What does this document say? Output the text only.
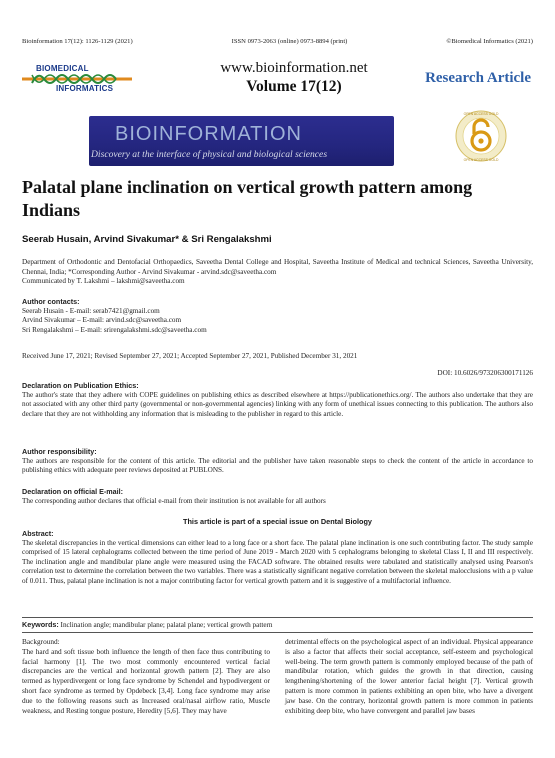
Bioinformation 17(12): 1126-1129 (2021)	ISSN 0973-2063 (online) 0973-8894 (print)	©Biomedical Informatics (2021)
BIOMEDICAL
INFORMATICS
www.bioinformation.net
Volume 17(12)	Research Article
BIOINFORMATION
Discovery at the interface of physical and biological sciences
OPEN ACCESS GOLD
OPEN ACCESS GOLD
Palatal plane inclination on vertical growth pattern among Indians
Seerab Husain, Arvind Sivakumar* & Sri Rengalakshmi

Department of Orthodontic and Dentofacial Orthopaedics, Saveetha Dental College and Hospital, Saveetha Institute of Medical and technical Sciences, Saveetha University, Chennai, India; *Corresponding Author - Arvind Sivakumar - arvind.sdc@saveetha.com

Communicated by T. Lakshmi – lakshmi@saveetha.com

Author contacts:

Seerab Husain - E-mail: serab7421@gmail.com

Arvind Sivakumar – E-mail: arvind.sdc@saveetha.com

Sri Rengalakshmi – E-mail: srirengalakshmi.sdc@saveetha.com

Received June 17, 2021; Revised September 27, 2021; Accepted September 27, 2021, Published December 31, 2021

DOI: 10.6026/973206300171126

Declaration on Publication Ethics:

The author's state that they adhere with COPE guidelines on publishing ethics as described elsewhere at https://publicationethics.org/. The authors also undertake that they are not associated with any other third party (governmental or non-governmental agencies) linking with any form of unethical issues connecting to this publication. The authors also declare that they are not withholding any information that is misleading to the publisher in regard to this article.

Author responsibility:

The authors are responsible for the content of this article. The editorial and the publisher have taken reasonable steps to check the content of the article in accordance to publishing ethics with adequate peer reviews deposited at PUBLONS.

Declaration on official E-mail:

The corresponding author declares that official e-mail from their institution is not available for all authors

This article is part of a special issue on Dental Biology

Abstract:

The skeletal discrepancies in the vertical dimensions can either lead to a long face or a short face. The palatal plane inclination is one such contributing factor. The study sample comprised of 15 lateral cephalograms collected between the time period of June 2019 - March 2020 with 5 cephalograms belonging to skeletal Class I, II and III respectively. The inclination angle and mandibular plane angle were measured using the FACAD software. The obtained results were tabulated and statistically analysed using Pearson's correlation test to determine the correlation between the two variables. There was a statistically significant negative correlation between the skeletal malocclusions with a p value of 0.011. Thus, palatal plane inclination is not a major contributing factor for vertical growth pattern and it is suggestive of a multifactorial influence.

Keywords: Inclination angle; mandibular plane; palatal plane; vertical growth pattern

Background:

The hard and soft tissue both influence the length of then face thus contributing to facial harmony [1]. The two most commonly encountered vertical facial discrepancies are the vertical and horizontal growth pattern [2]. They are also termed as hyperdivergent or long face syndrome by Schendel and hypodivergent or short face syndrome as termed by Opdebeck [3,4]. Long face syndrome may arise due to the following reasons such as Increased oral/nasal airflow ratio, Muscle weakness, and Resting tongue posture, Heredity [5,6]. They may have

detrimental effects on the psychological aspect of an individual. Physical appearance is also a factor that affects their social acceptance, self-esteem and psychological well-being. The term growth pattern is commonly employed because of the path of mandibular rotation, which guides the growth in that direction, causing lengthening/shortening of the lower anterior facial height [7]. Vertical growth pattern is more common in patients exhibiting an open bite, who have a divergent jaw base. On the contrary, horizontal growth pattern is more common in patients exhibiting deep bite, who have convergent and parallel jaw bases
